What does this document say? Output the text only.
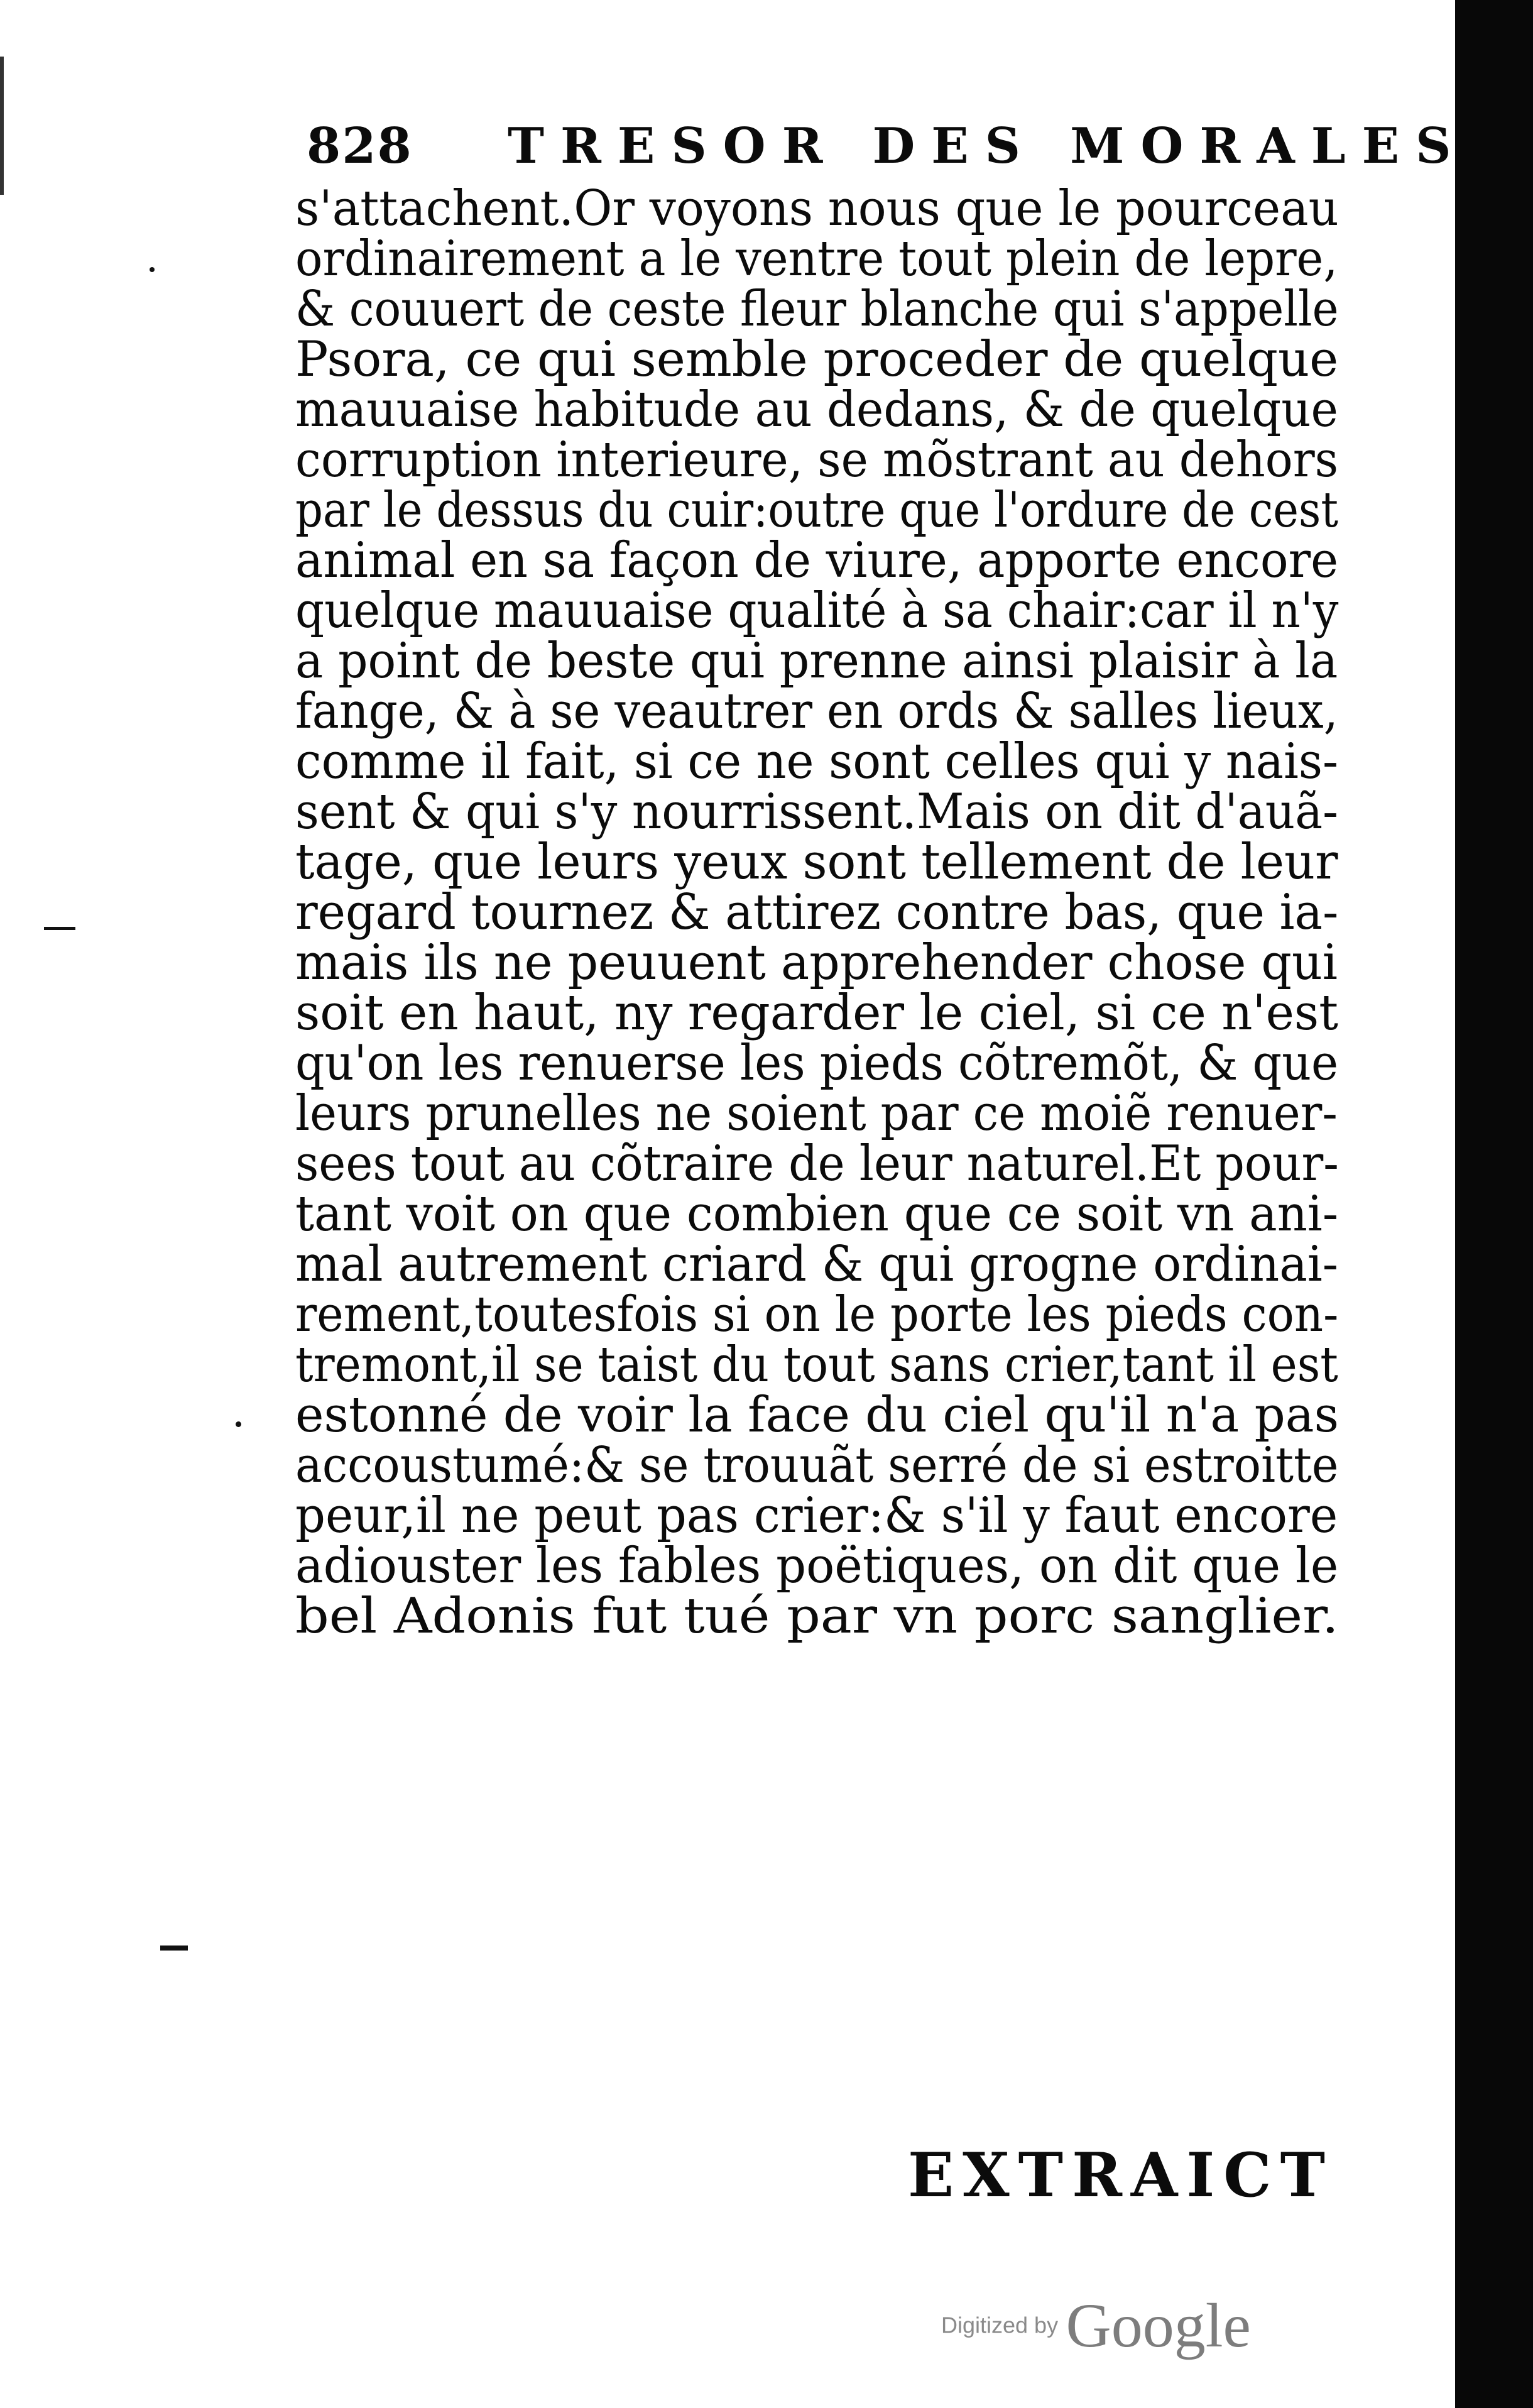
828 TRESOR DES MORALES
s'attachent.Or voyons nous que le pourceau
ordinairement a le ventre tout plein de lepre,
& couuert de ceste fleur blanche qui s'appelle
Psora, ce qui semble proceder de quelque
mauuaise habitude au dedans, & de quelque
corruption interieure, se mõstrant au dehors
par le dessus du cuir:outre que l'ordure de cest
animal en sa façon de viure, apporte encore
quelque mauuaise qualité à sa chair:car il n'y
a point de beste qui prenne ainsi plaisir à la
fange, & à se veautrer en ords & salles lieux,
comme il fait, si ce ne sont celles qui y nais-
sent & qui s'y nourrissent.Mais on dit d'auã-
tage, que leurs yeux sont tellement de leur
regard tournez & attirez contre bas, que ia-
mais ils ne peuuent apprehender chose qui
soit en haut, ny regarder le ciel, si ce n'est
qu'on les renuerse les pieds cõtremõt, & que
leurs prunelles ne soient par ce moiẽ renuer-
sees tout au cõtraire de leur naturel.Et pour-
tant voit on que combien que ce soit vn ani-
mal autrement criard & qui grogne ordinai-
rement,toutesfois si on le porte les pieds con-
tremont,il se taist du tout sans crier,tant il est
estonné de voir la face du ciel qu'il n'a pas
accoustumé:& se trouuãt serré de si estroitte
peur,il ne peut pas crier:& s'il y faut encore
adiouster les fables poëtiques, on dit que le
bel Adonis fut tué par vn porc sanglier.
EXTRAICT
Digitized by Google
